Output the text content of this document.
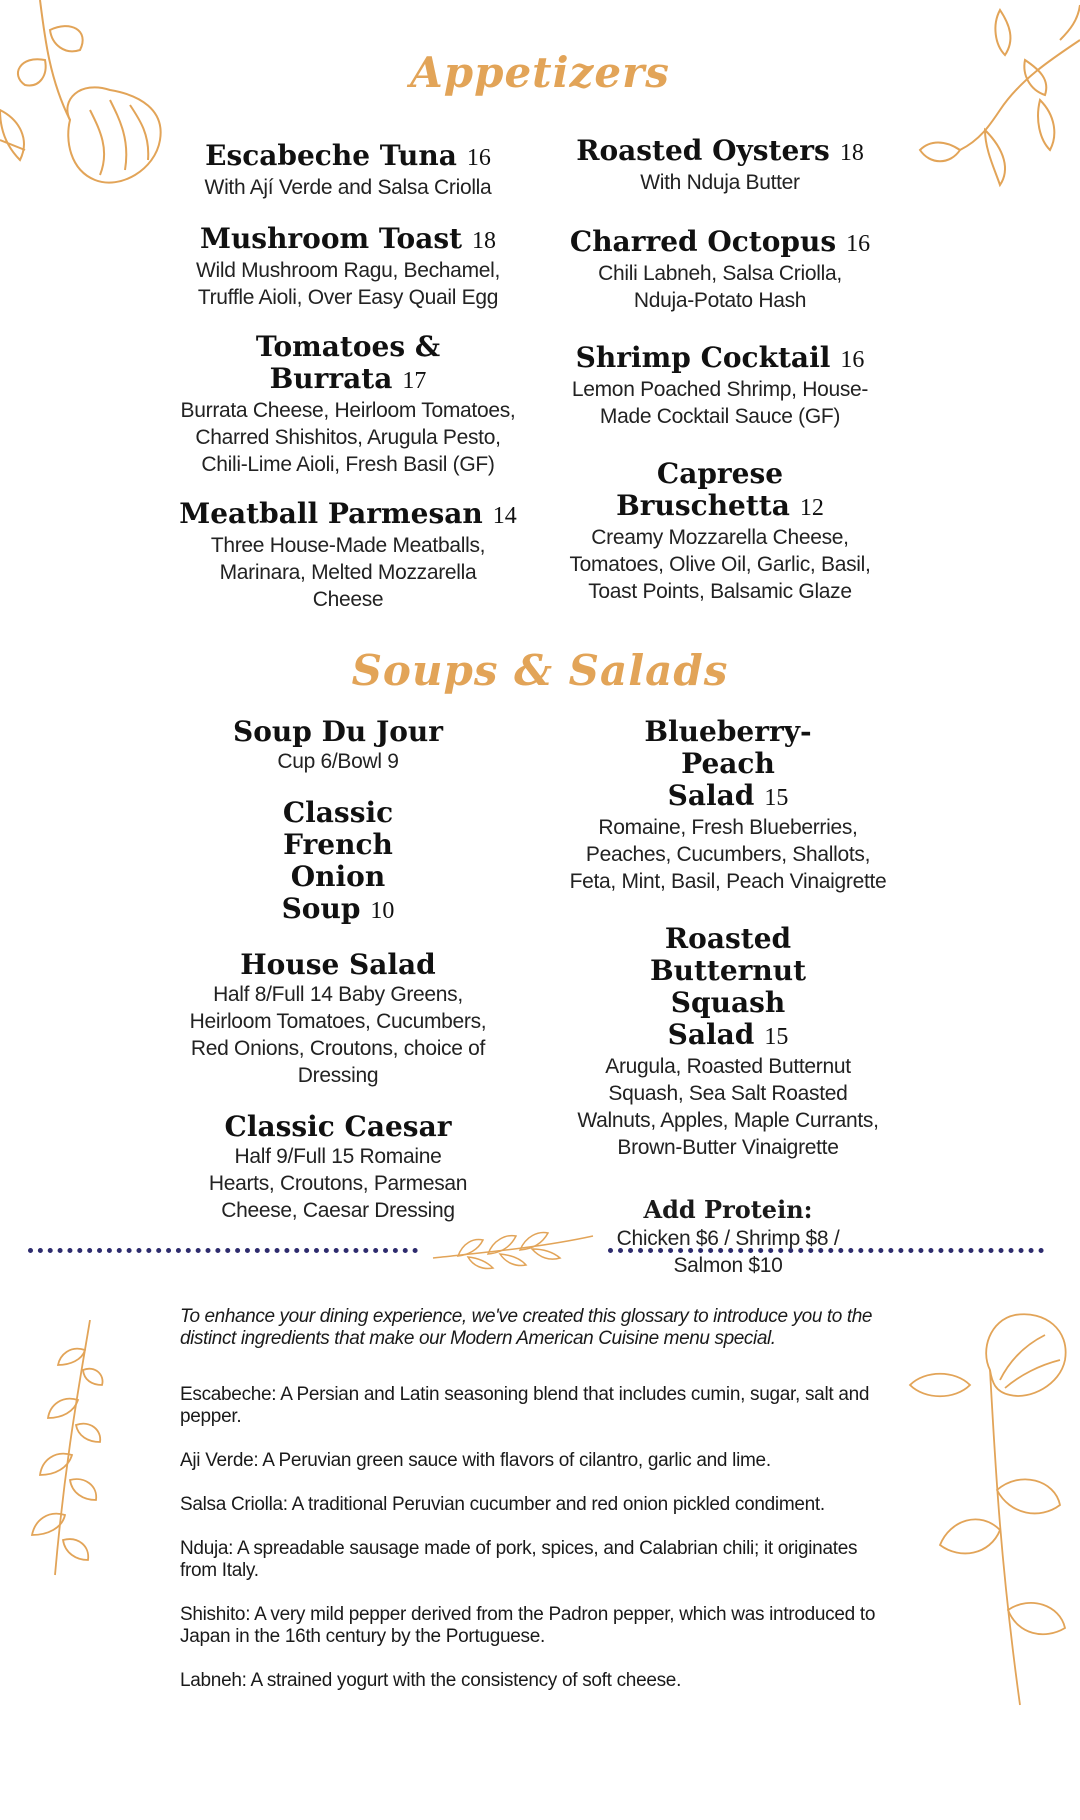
Appetizers
Escabeche Tuna 16
With Ají Verde and Salsa Criolla
Mushroom Toast 18
Wild Mushroom Ragu, Bechamel, Truffle Aioli, Over Easy Quail Egg
Tomatoes & Burrata 17
Burrata Cheese, Heirloom Tomatoes, Charred Shishitos, Arugula Pesto, Chili-Lime Aioli, Fresh Basil (GF)
Meatball Parmesan 14
Three House-Made Meatballs, Marinara, Melted Mozzarella Cheese
Roasted Oysters 18
With Nduja Butter
Charred Octopus 16
Chili Labneh, Salsa Criolla, Nduja-Potato Hash
Shrimp Cocktail 16
Lemon Poached Shrimp, House-Made Cocktail Sauce (GF)
Caprese Bruschetta 12
Creamy Mozzarella Cheese, Tomatoes, Olive Oil, Garlic, Basil, Toast Points, Balsamic Glaze
Soups & Salads
Soup Du Jour
Cup 6/Bowl 9
Classic French Onion Soup 10
House Salad
Half 8/Full 14 Baby Greens, Heirloom Tomatoes, Cucumbers, Red Onions, Croutons, choice of Dressing
Classic Caesar
Half 9/Full 15 Romaine Hearts, Croutons, Parmesan Cheese, Caesar Dressing
Blueberry-Peach Salad 15
Romaine, Fresh Blueberries, Peaches, Cucumbers, Shallots, Feta, Mint, Basil, Peach Vinaigrette
Roasted Butternut Squash Salad 15
Arugula, Roasted Butternut Squash, Sea Salt Roasted Walnuts, Apples, Maple Currants, Brown-Butter Vinaigrette
Add Protein:
Chicken $6 / Shrimp $8 / Salmon $10

To enhance your dining experience, we've created this glossary to introduce you to the distinct ingredients that make our Modern American Cuisine menu special.

Escabeche: A Persian and Latin seasoning blend that includes cumin, sugar, salt and pepper.

Aji Verde: A Peruvian green sauce with flavors of cilantro, garlic and lime.

Salsa Criolla: A traditional Peruvian cucumber and red onion pickled condiment.

Nduja: A spreadable sausage made of pork, spices, and Calabrian chili; it originates from Italy.

Shishito: A very mild pepper derived from the Padron pepper, which was introduced to Japan in the 16th century by the Portuguese.

Labneh: A strained yogurt with the consistency of soft cheese.
